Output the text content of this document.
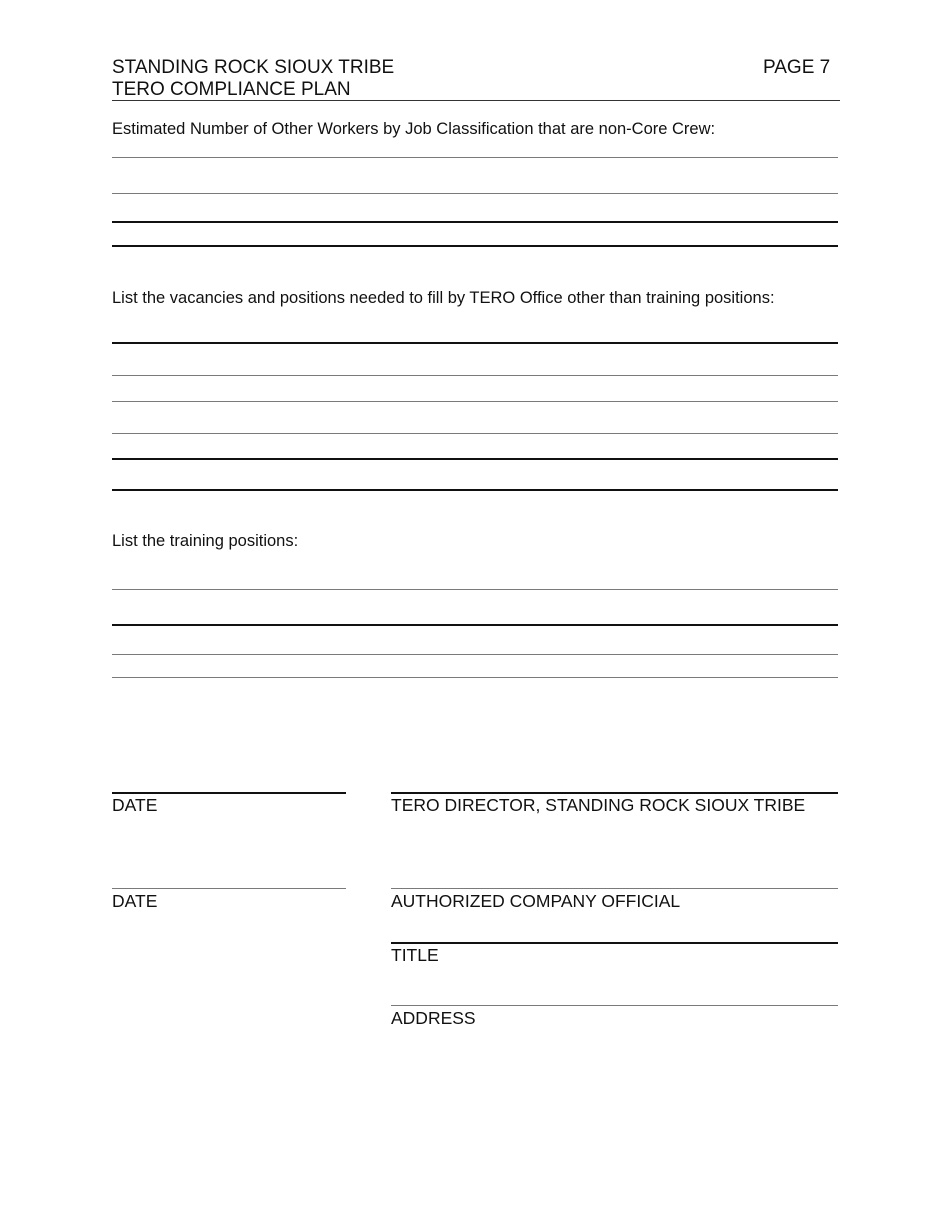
STANDING ROCK SIOUX TRIBE
TERO COMPLIANCE PLAN
PAGE 7
Estimated Number of Other Workers by Job Classification that are non-Core Crew:
List the vacancies and positions needed to fill by TERO Office other than training positions:
List the training positions:
DATE	TERO DIRECTOR, STANDING ROCK SIOUX TRIBE
DATE	AUTHORIZED COMPANY OFFICIAL
TITLE
ADDRESS
